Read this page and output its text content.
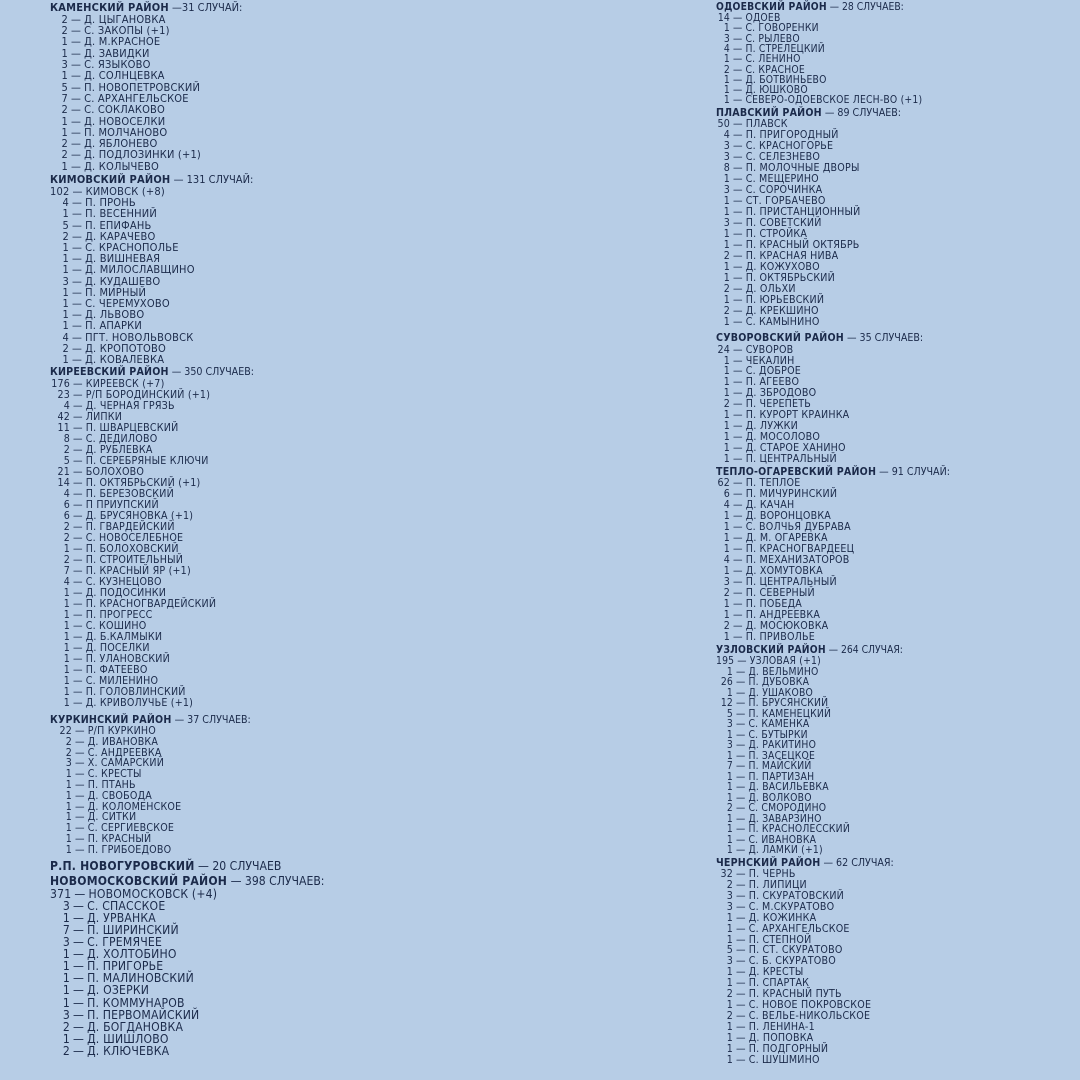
КАМЕНСКИЙ РАЙОН —31 СЛУЧАЙ:
2 — Д. ЦЫГАНОВКА
2 — С. ЗАКОПЫ (+1)
1 — Д. М.КРАСНОЕ
1 — Д. ЗАВИДКИ
3 — С. ЯЗЫКОВО
1 — Д. СОЛНЦЕВКА
5 — П. НОВОПЕТРОВСКИЙ
7 — С. АРХАНГЕЛЬСКОЕ
2 — С. СОКЛАКОВО
1 — Д. НОВОСЕЛКИ
1 — П. МОЛЧАНОВО
2 — Д. ЯБЛОНЕВО
2 — Д. ПОДЛОЗИНКИ (+1)
1 — Д. КОЛЫЧЕВО
КИМОВСКИЙ РАЙОН — 131 СЛУЧАЙ:
102 — КИМОВСК (+8)
4 — П. ПРОНЬ
1 — П. ВЕСЕННИЙ
5 — П. ЕПИФАНЬ
2 — Д. КАРАЧЕВО
1 — С. КРАСНОПОЛЬЕ
1 — Д. ВИШНЕВАЯ
1 — Д. МИЛОСЛАВЩИНО
3 — Д. КУДАШЕВО
1 — П. МИРНЫЙ
1 — С. ЧЕРЕМУХОВО
1 — Д. ЛЬВОВО
1 — П. АПАРКИ
4 — ПГТ. НОВОЛЬВОВСК
2 — Д. КРОПОТОВО
1 — Д. КОВАЛЕВКА
КИРЕЕВСКИЙ РАЙОН — 350 СЛУЧАЕВ:
176 — КИРЕЕВСК (+7)
23 — Р/П БОРОДИНСКИЙ (+1)
4 — Д. ЧЕРНАЯ ГРЯЗЬ
42 — ЛИПКИ
11 — П. ШВАРЦЕВСКИЙ
8 — С. ДЕДИЛОВО
2 — Д. РУБЛЕВКА
5 — П. СЕРЕБРЯНЫЕ КЛЮЧИ
21 — БОЛОХОВО
14 — П. ОКТЯБРЬСКИЙ (+1)
4 — П. БЕРЕЗОВСКИЙ
6 — П ПРИУПСКИЙ
6 — Д. БРУСЯНОВКА (+1)
2 — П. ГВАРДЕЙСКИЙ
2 — С. НОВОСЕЛЕБНОЕ
1 — П. БОЛОХОВСКИЙ
2 — П. СТРОИТЕЛЬНЫЙ
7 — П. КРАСНЫЙ ЯР (+1)
4 — С. КУЗНЕЦОВО
1 — Д. ПОДОСИНКИ
1 — П. КРАСНОГВАРДЕЙСКИЙ
1 — П. ПРОГРЕСС
1 — С. КОШИНО
1 — Д. Б.КАЛМЫКИ
1 — Д. ПОСЕЛКИ
1 — П. УЛАНОВСКИЙ
1 — П. ФАТЕЕВО
1 — С. МИЛЕНИНО
1 — П. ГОЛОВЛИНСКИЙ
1 — Д. КРИВОЛУЧЬЕ (+1)
КУРКИНСКИЙ РАЙОН — 37 СЛУЧАЕВ:
22 — Р/П КУРКИНО
2 — Д. ИВАНОВКА
2 — С. АНДРЕЕВКА
3 — Х. САМАРСКИЙ
1 — С. КРЕСТЫ
1 — П. ПТАНЬ
1 — Д. СВОБОДА
1 — Д. КОЛОМЕНСКОЕ
1 — Д. СИТКИ
1 — С. СЕРГИЕВСКОЕ
1 — П. КРАСНЫЙ
1 — П. ГРИБОЕДОВО
Р.П. НОВОГУРОВСКИЙ — 20 СЛУЧАЕВ
НОВОМОСКОВСКИЙ РАЙОН — 398 СЛУЧАЕВ:
371 — НОВОМОСКОВСК (+4)
3 — С. СПАССКОЕ
1 — Д. УРВАНКА
7 — П. ШИРИНСКИЙ
3 — С. ГРЕМЯЧЕЕ
1 — Д. ХОЛТОБИНО
1 — П. ПРИГОРЬЕ
1 — П. МАЛИНОВСКИЙ
1 — Д. ОЗЕРКИ
1 — П. КОММУНАРОВ
3 — П. ПЕРВОМАЙСКИЙ
2 — Д. БОГДАНОВКА
1 — Д. ШИШЛОВО
2 — Д. КЛЮЧЕВКА
ОДОЕВСКИЙ РАЙОН — 28 СЛУЧАЕВ:
14 — ОДОЕВ
1 — С. ГОВОРЕНКИ
3 — С. РЫЛЕВО
4 — П. СТРЕЛЕЦКИЙ
1 — С. ЛЕНИНО
2 — С. КРАСНОЕ
1 — Д. БОТВИНЬЕВО
1 — Д. ЮШКОВО
1 — СЕВЕРО-ОДОЕВСКОЕ ЛЕСН-ВО (+1)
ПЛАВСКИЙ РАЙОН — 89 СЛУЧАЕВ:
50 — ПЛАВСК
4 — П. ПРИГОРОДНЫЙ
3 — С. КРАСНОГОРЬЕ
3 — С. СЕЛЕЗНЕВО
8 — П. МОЛОЧНЫЕ ДВОРЫ
1 — С. МЕЩЕРИНО
3 — С. СОРОЧИНКА
1 — СТ. ГОРБАЧЕВО
1 — П. ПРИСТАНЦИОННЫЙ
3 — П. СОВЕТСКИЙ
1 — П. СТРОЙКА
1 — П. КРАСНЫЙ ОКТЯБРЬ
2 — П. КРАСНАЯ НИВА
1 — Д. КОЖУХОВО
1 — П. ОКТЯБРЬСКИЙ
2 — Д. ОЛЬХИ
1 — П. ЮРЬЕВСКИЙ
2 — Д. КРЕКШИНО
1 — С. КАМЫНИНО
СУВОРОВСКИЙ РАЙОН — 35 СЛУЧАЕВ:
24 — СУВОРОВ
1 — ЧЕКАЛИН
1 — С. ДОБРОЕ
1 — П. АГЕЕВО
1 — Д. ЗБРОДОВО
2 — П. ЧЕРЕПЕТЬ
1 — П. КУРОРТ КРАИНКА
1 — Д. ЛУЖКИ
1 — Д. МОСОЛОВО
1 — Д. СТАРОЕ ХАНИНО
1 — П. ЦЕНТРАЛЬНЫЙ
ТЕПЛО-ОГАРЕВСКИЙ РАЙОН — 91 СЛУЧАЙ:
62 — П. ТЕПЛОЕ
6 — П. МИЧУРИНСКИЙ
4 — Д. КАЧАН
1 — Д. ВОРОНЦОВКА
1 — С. ВОЛЧЬЯ ДУБРАВА
1 — Д. М. ОГАРЕВКА
1 — П. КРАСНОГВАРДЕЕЦ
4 — П. МЕХАНИЗАТОРОВ
1 — Д. ХОМУТОВКА
3 — П. ЦЕНТРАЛЬНЫЙ
2 — П. СЕВЕРНЫЙ
1 — П. ПОБЕДА
1 — П. АНДРЕЕВКА
2 — Д. МОСЮКОВКА
1 — П. ПРИВОЛЬЕ
УЗЛОВСКИЙ РАЙОН — 264 СЛУЧАЯ:
195 — УЗЛОВАЯ (+1)
1 — Д. ВЕЛЬМИНО
26 — П. ДУБОВКА
1 — Д. УШАКОВО
12 — П. БРУСЯНСКИЙ
5 — П. КАМЕНЕЦКИЙ
3 — С. КАМЕНКА
1 — С. БУТЫРКИ
3 — Д. РАКИТИНО
1 — П. ЗАСЕЦКОЕ
7 — П. МАЙСКИЙ
1 — П. ПАРТИЗАН
1 — Д. ВАСИЛЬЕВКА
1 — Д. ВОЛКОВО
2 — С. СМОРОДИНО
1 — Д. ЗАВАРЗИНО
1 — П. КРАСНОЛЕССКИЙ
1 — С. ИВАНОВКА
1 — Д. ЛАМКИ (+1)
ЧЕРНСКИЙ РАЙОН — 62 СЛУЧАЯ:
32 — П. ЧЕРНЬ
2 — П. ЛИПИЦИ
3 — П. СКУРАТОВСКИЙ
3 — С. М.СКУРАТОВО
1 — Д. КОЖИНКА
1 — С. АРХАНГЕЛЬСКОЕ
1 — П. СТЕПНОЙ
5 — П. СТ. СКУРАТОВО
3 — С. Б. СКУРАТОВО
1 — Д. КРЕСТЫ
1 — П. СПАРТАК
2 — П. КРАСНЫЙ ПУТЬ
1 — С. НОВОЕ ПОКРОВСКОЕ
2 — С. ВЕЛЬЕ-НИКОЛЬСКОЕ
1 — П. ЛЕНИНА-1
1 — Д. ПОПОВКА
1 — П. ПОДГОРНЫЙ
1 — С. ШУШМИНО
